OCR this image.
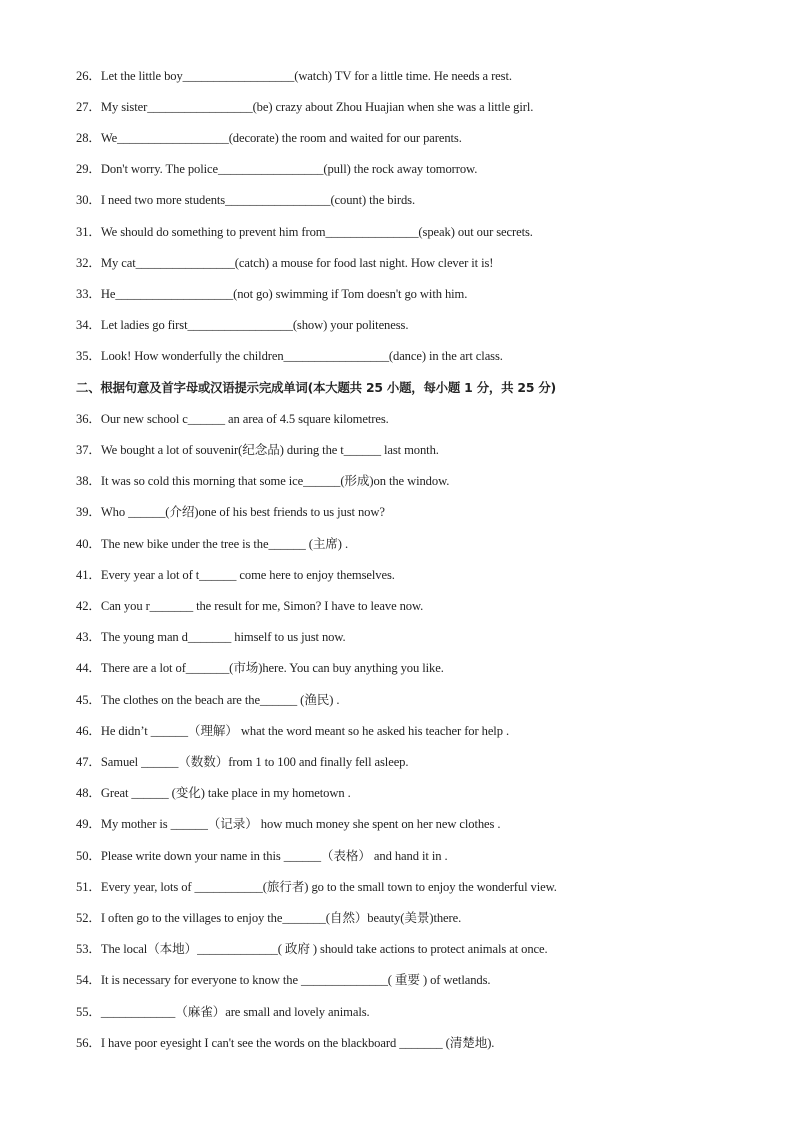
26．Let the little boy__________________(watch) TV for a little time. He needs a rest.
27．My sister_________________(be) crazy about Zhou Huajian when she was a little girl.
28．We__________________(decorate) the room and waited for our parents.
29．Don't worry. The police_________________(pull) the rock away tomorrow.
30．I need two more students_________________(count) the birds.
31．We should do something to prevent him from_______________(speak) out our secrets.
32．My cat________________(catch) a mouse for food last night. How clever it is!
33．He___________________(not go) swimming if Tom doesn't go with him.
34．Let ladies go first_________________(show) your politeness.
35．Look! How wonderfully the children_________________(dance) in the art class.
二、根据句意及首字母或汉语提示完成单词(本大题共 25 小题，每小题 1 分，共 25 分)
36．Our new school c______ an area of 4.5 square kilometres.
37．We bought a lot of souvenir(纪念品) during the t______ last month.
38．It was so cold this morning that some ice______(形成)on the window.
39．Who ______(介绍)one of his best friends to us just now?
40．The new bike under the tree is the______ (主席) .
41．Every year a lot of t______ come here to enjoy themselves.
42．Can you r_______ the result for me, Simon? I have to leave now.
43．The young man d_______ himself to us just now.
44．There are a lot of_______(市场)here. You can buy anything you like.
45．The clothes on the beach are the______ (渔民) .
46．He didn’t ______（理解） what the word meant so he asked his teacher for help .
47．Samuel ______（数数）from 1 to 100 and finally fell asleep.
48．Great ______ (变化) take place in my hometown .
49．My mother is ______（记录） how much money she spent on her new clothes .
50．Please write down your name in this ______（表格） and hand it in .
51．Every year, lots of ___________(旅行者) go to the small town to enjoy the wonderful view.
52．I often go to the villages to enjoy the_______(自然）beauty(美景)there.
53．The local（本地）_____________( 政府 ) should take actions to protect animals at once.
54．It is necessary for everyone to know the ______________( 重要 ) of wetlands.
55．____________（麻雀）are small and lovely animals.
56．I have poor eyesight I can't see the words on the blackboard _______ (清楚地).
